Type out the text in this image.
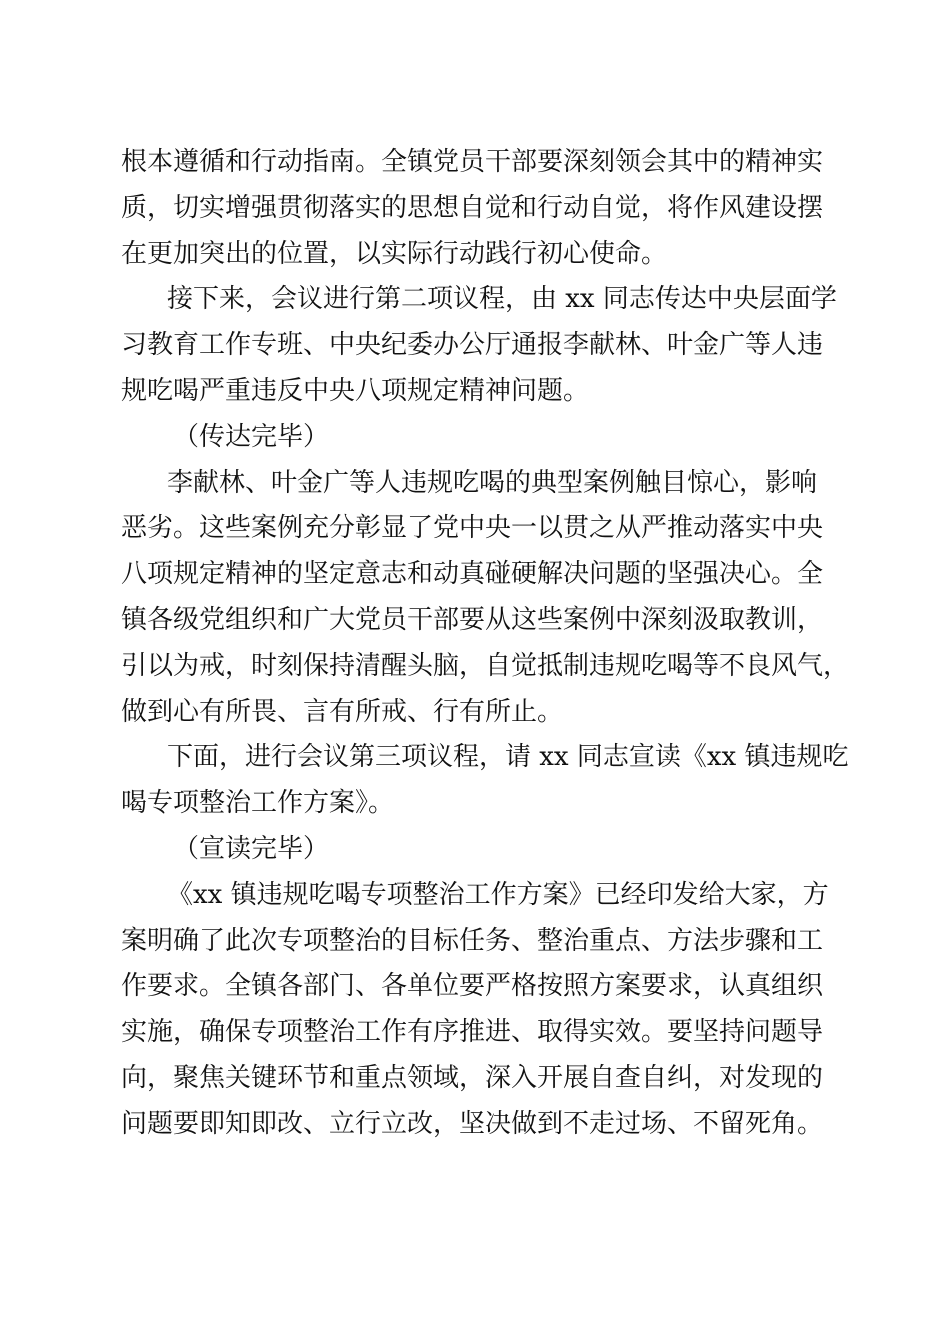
根本遵循和行动指南。全镇党员干部要深刻领会其中的精神实
质，切实增强贯彻落实的思想自觉和行动自觉，将作风建设摆
在更加突出的位置，以实际行动践行初心使命。

接下来，会议进行第二项议程，由 xx 同志传达中央层面学
习教育工作专班、中央纪委办公厅通报李献林、叶金广等人违
规吃喝严重违反中央八项规定精神问题。

（传达完毕）

李献林、叶金广等人违规吃喝的典型案例触目惊心，影响
恶劣。这些案例充分彰显了党中央一以贯之从严推动落实中央
八项规定精神的坚定意志和动真碰硬解决问题的坚强决心。全
镇各级党组织和广大党员干部要从这些案例中深刻汲取教训，
引以为戒，时刻保持清醒头脑，自觉抵制违规吃喝等不良风气，
做到心有所畏、言有所戒、行有所止。

下面，进行会议第三项议程，请 xx 同志宣读《xx 镇违规吃
喝专项整治工作方案》。

（宣读完毕）

《xx 镇违规吃喝专项整治工作方案》已经印发给大家，方
案明确了此次专项整治的目标任务、整治重点、方法步骤和工
作要求。全镇各部门、各单位要严格按照方案要求，认真组织
实施，确保专项整治工作有序推进、取得实效。要坚持问题导
向，聚焦关键环节和重点领域，深入开展自查自纠，对发现的
问题要即知即改、立行立改，坚决做到不走过场、不留死角。
